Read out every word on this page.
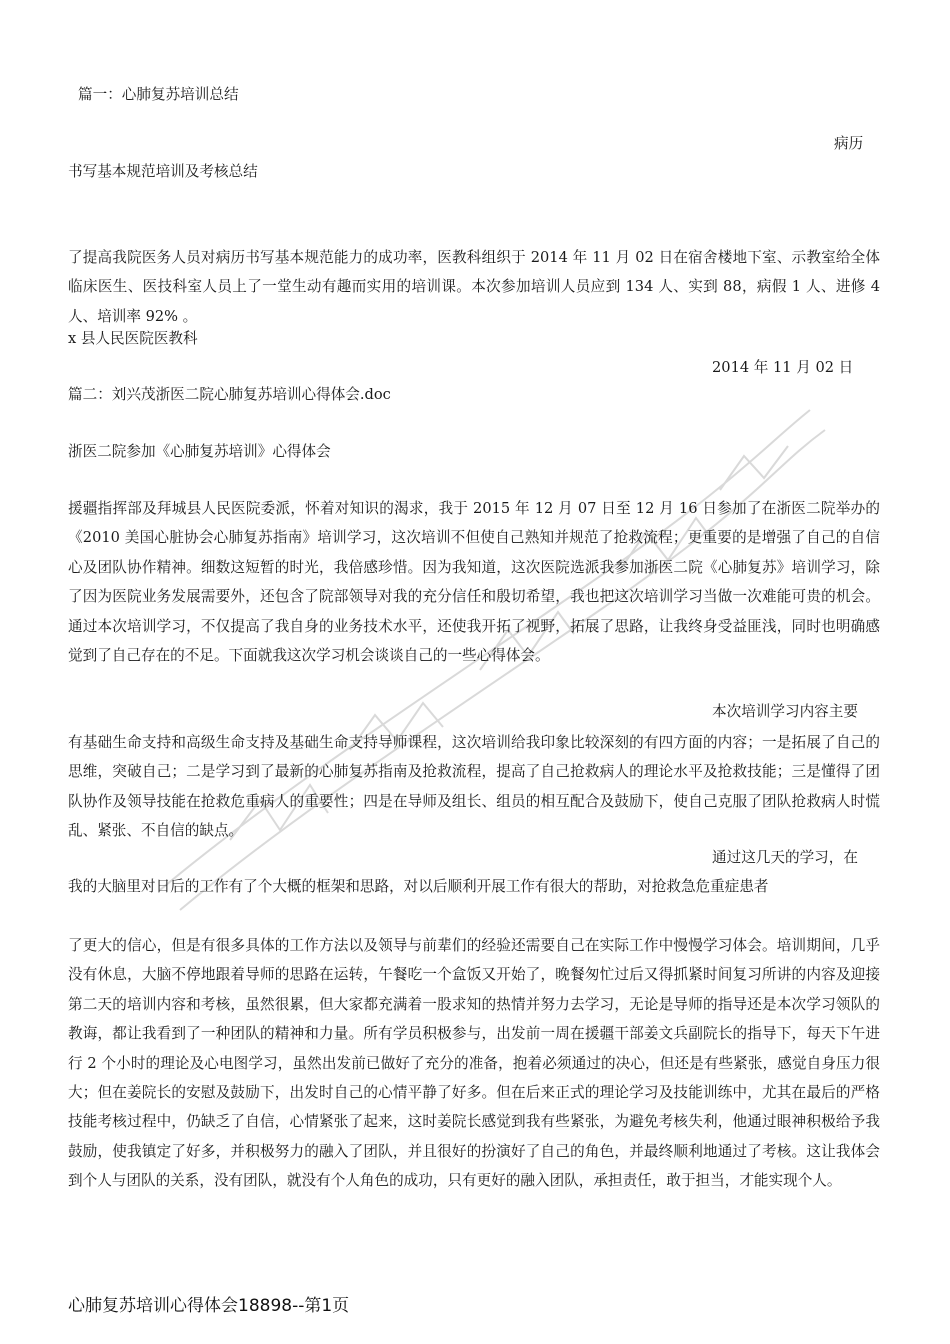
篇一：心肺复苏培训总结
病历
书写基本规范培训及考核总结
了提高我院医务人员对病历书写基本规范能力的成功率，医教科组织于 2014 年 11 月 02 日在宿舍楼地下室、示教室给全体临床医生、医技科室人员上了一堂生动有趣而实用的培训课。本次参加培训人员应到 134 人、实到 88，病假 1 人、进修 4 人、培训率 92% 。
x 县人民医院医教科
2014 年 11 月 02 日
篇二：刘兴茂浙医二院心肺复苏培训心得体会.doc
浙医二院参加《心肺复苏培训》心得体会
援疆指挥部及拜城县人民医院委派，怀着对知识的渴求，我于 2015 年 12 月 07 日至 12 月 16 日参加了在浙医二院举办的《2010 美国心脏协会心肺复苏指南》培训学习，这次培训不但使自己熟知并规范了抢救流程；更重要的是增强了自己的自信心及团队协作精神。细数这短暂的时光，我倍感珍惜。因为我知道，这次医院选派我参加浙医二院《心肺复苏》培训学习，除了因为医院业务发展需要外，还包含了院部领导对我的充分信任和殷切希望，我也把这次培训学习当做一次难能可贵的机会。通过本次培训学习，不仅提高了我自身的业务技术水平，还使我开拓了视野，拓展了思路，让我终身受益匪浅，同时也明确感觉到了自己存在的不足。下面就我这次学习机会谈谈自己的一些心得体会。
本次培训学习内容主要
有基础生命支持和高级生命支持及基础生命支持导师课程，这次培训给我印象比较深刻的有四方面的内容；一是拓展了自己的思维，突破自己；二是学习到了最新的心肺复苏指南及抢救流程，提高了自己抢救病人的理论水平及抢救技能；三是懂得了团队协作及领导技能在抢救危重病人的重要性；四是在导师及组长、组员的相互配合及鼓励下，使自己克服了团队抢救病人时慌乱、紧张、不自信的缺点。
通过这几天的学习，在
我的大脑里对日后的工作有了个大概的框架和思路，对以后顺利开展工作有很大的帮助，对抢救急危重症患者
了更大的信心，但是有很多具体的工作方法以及领导与前辈们的经验还需要自己在实际工作中慢慢学习体会。培训期间，几乎没有休息，大脑不停地跟着导师的思路在运转，午餐吃一个盒饭又开始了，晚餐匆忙过后又得抓紧时间复习所讲的内容及迎接第二天的培训内容和考核，虽然很累，但大家都充满着一股求知的热情并努力去学习，无论是导师的指导还是本次学习领队的教诲，都让我看到了一种团队的精神和力量。所有学员积极参与，出发前一周在援疆干部姜文兵副院长的指导下，每天下午进行 2 个小时的理论及心电图学习，虽然出发前已做好了充分的准备，抱着必须通过的决心，但还是有些紧张，感觉自身压力很大；但在姜院长的安慰及鼓励下，出发时自己的心情平静了好多。但在后来正式的理论学习及技能训练中，尤其在最后的严格技能考核过程中，仍缺乏了自信，心情紧张了起来，这时姜院长感觉到我有些紧张，为避免考核失利，他通过眼神积极给予我鼓励，使我镇定了好多，并积极努力的融入了团队，并且很好的扮演好了自己的角色，并最终顺利地通过了考核。这让我体会到个人与团队的关系，没有团队，就没有个人角色的成功，只有更好的融入团队，承担责任，敢于担当，才能实现个人。
心肺复苏培训心得体会18898--第1页
